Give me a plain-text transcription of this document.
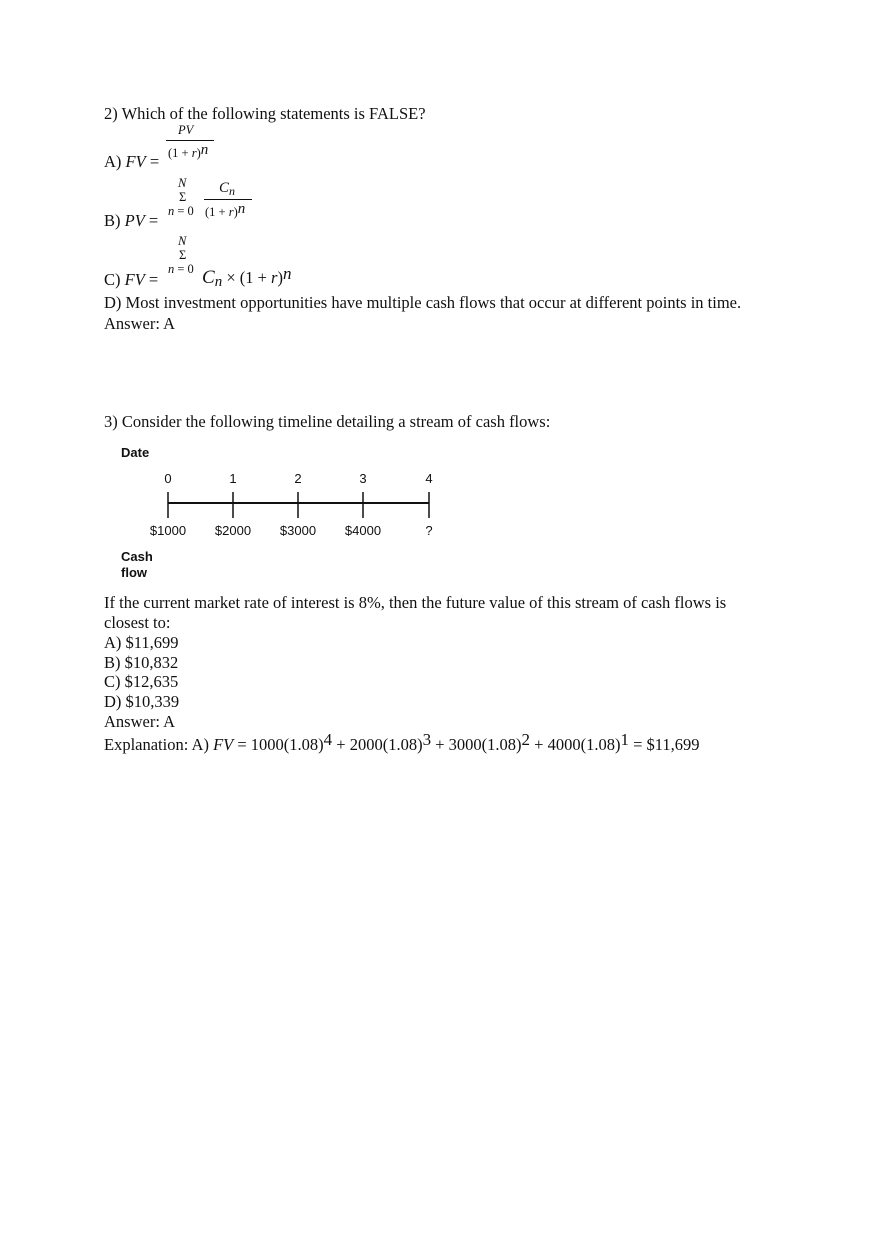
2) Which of the following statements is FALSE?
PV
(1 + r)n
A) FV =
N
Σ
n = 0
$C_n$
(1 + r)n
B) PV =
N
Σ
n = 0
C) FV = Cn × (1 + r)n
D) Most investment opportunities have multiple cash flows that occur at different points in time.
Answer: A
3) Consider the following timeline detailing a stream of cash flows:
Date
0	1	2	3	4
$1000 $2000 $3000 $4000	?
Cash
flow
If the current market rate of interest is 8%, then the future value of this stream of cash flows is
closest to:
A) $11,699
B) $10,832
C) $12,635
D) $10,339
Answer: A
Explanation: A) FV = 1000(1.08)4 + 2000(1.08)3 + 3000(1.08)2 + 4000(1.08)1 = $11,699
